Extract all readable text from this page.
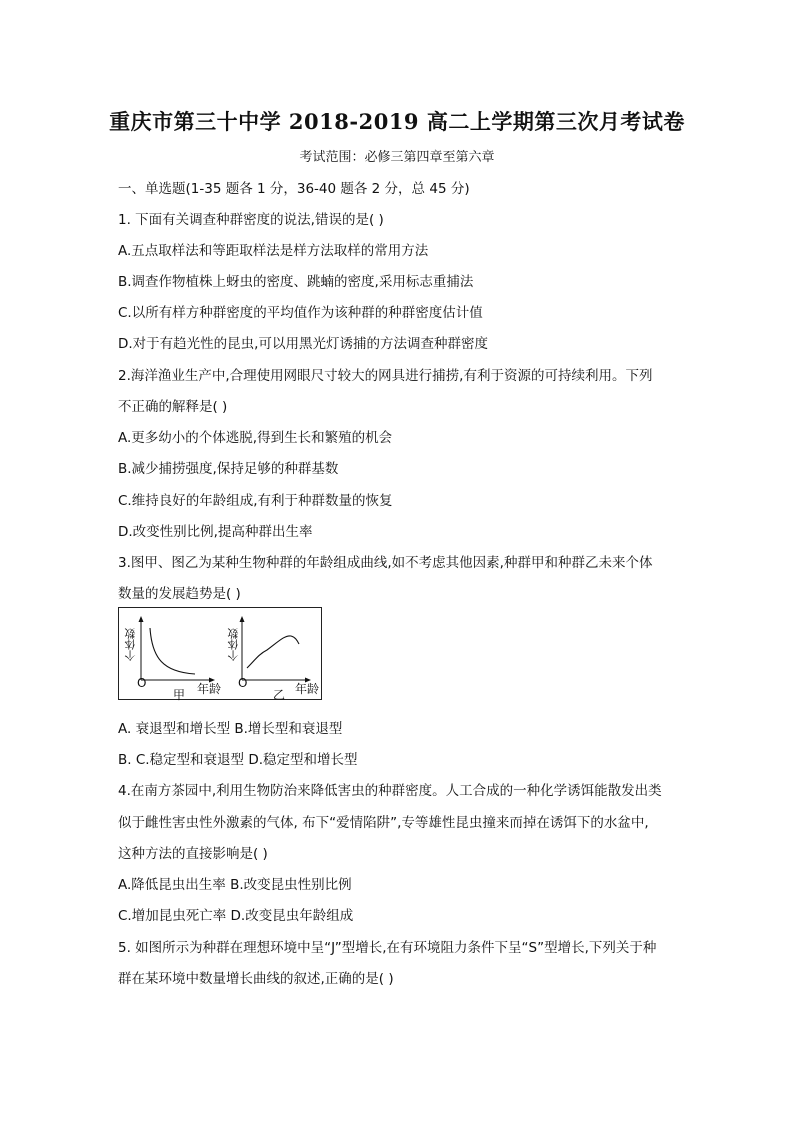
重庆市第三十中学 2018-2019 高二上学期第三次月考试卷
考试范围：必修三第四章至第六章
一、单选题(1-35 题各 1 分，36-40 题各 2 分，总 45 分)
1. 下面有关调查种群密度的说法,错误的是( )
A.五点取样法和等距取样法是样方法取样的常用方法
B.调查作物植株上蚜虫的密度、跳蝻的密度,采用标志重捕法
C.以所有样方种群密度的平均值作为该种群的种群密度估计值
D.对于有趋光性的昆虫,可以用黑光灯诱捕的方法调查种群密度
2.海洋渔业生产中,合理使用网眼尺寸较大的网具进行捕捞,有利于资源的可持续利用。下列
不正确的解释是( )
A.更多幼小的个体逃脱,得到生长和繁殖的机会
B.减少捕捞强度,保持足够的种群基数
C.维持良好的年龄组成,有利于种群数量的恢复
D.改变性别比例,提高种群出生率
3.图甲、图乙为某种生物种群的年龄组成曲线,如不考虑其他因素,种群甲和种群乙未来个体
数量的发展趋势是( )
个体数	个体数
O
甲 年龄 O
乙 年龄
A. 衰退型和增长型 B.增长型和衰退型
B. C.稳定型和衰退型 D.稳定型和增长型
4.在南方茶园中,利用生物防治来降低害虫的种群密度。人工合成的一种化学诱饵能散发出类
似于雌性害虫性外激素的气体, 布下“爱情陷阱”,专等雄性昆虫撞来而掉在诱饵下的水盆中,
这种方法的直接影响是( )
A.降低昆虫出生率 B.改变昆虫性别比例
C.增加昆虫死亡率 D.改变昆虫年龄组成
5. 如图所示为种群在理想环境中呈“J”型增长,在有环境阻力条件下呈“S”型增长,下列关于种
群在某环境中数量增长曲线的叙述,正确的是( )
